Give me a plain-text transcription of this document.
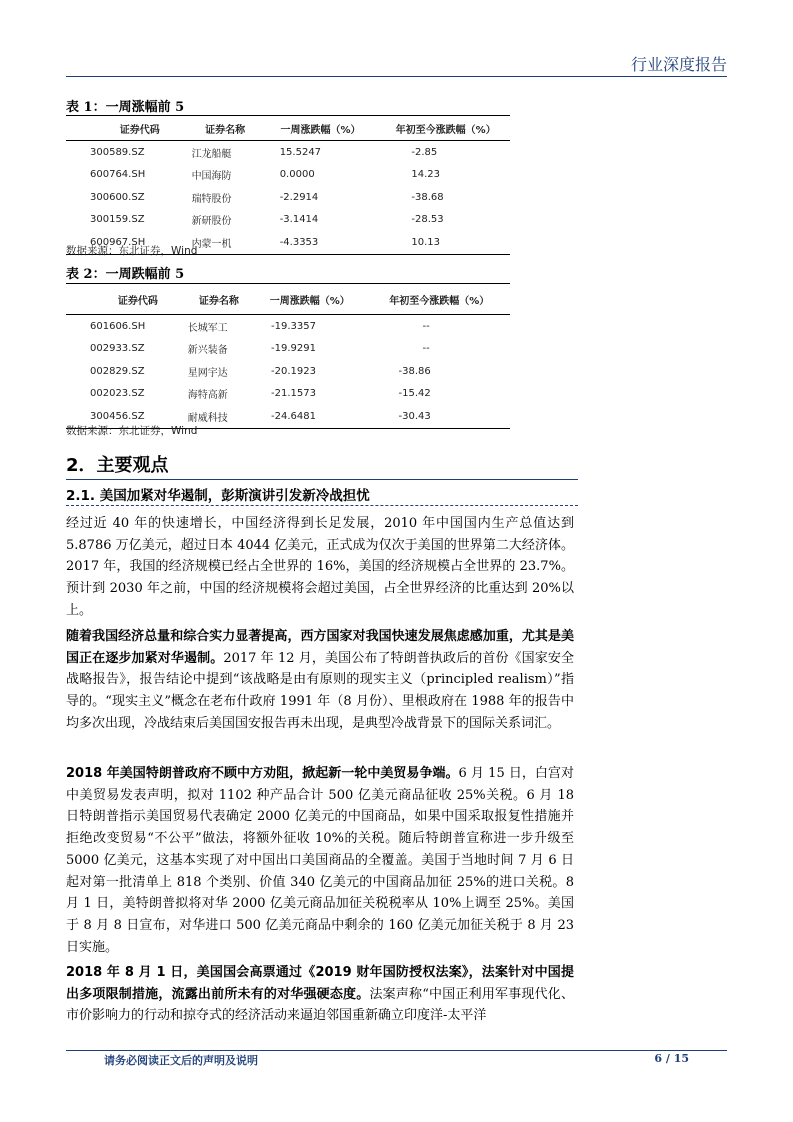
行业深度报告
表 1：一周涨幅前 5
证券代码	证券名称	一周涨跌幅（%）	年初至今涨跌幅（%）
300589.SZ	江龙船艇	15.5247	-2.85
600764.SH	中国海防	0.0000	14.23
300600.SZ	瑞特股份	-2.2914	-38.68
300159.SZ	新研股份	-3.1414	-28.53
600967.SH	内蒙一机	-4.3353	10.13
数据来源：东北证券，Wind
表 2：一周跌幅前 5
证券代码	证券名称	一周涨跌幅（%）	年初至今涨跌幅（%）
601606.SH	长城军工	-19.3357	--
002933.SZ	新兴装备	-19.9291	--
002829.SZ	星网宇达	-20.1923	-38.86
002023.SZ	海特高新	-21.1573	-15.42
300456.SZ	耐威科技	-24.6481	-30.43
数据来源：东北证券，Wind
2．主要观点
2.1. 美国加紧对华遏制，彭斯演讲引发新冷战担忧

经过近 40 年的快速增长，中国经济得到长足发展，2010 年中国国内生产总值达到 5.8786 万亿美元，超过日本 4044 亿美元，正式成为仅次于美国的世界第二大经济体。2017 年，我国的经济规模已经占全世界的 16%，美国的经济规模占全世界的 23.7%。预计到 2030 年之前，中国的经济规模将会超过美国，占全世界经济的比重达到 20%以上。

随着我国经济总量和综合实力显著提高，西方国家对我国快速发展焦虑感加重，尤其是美国正在逐步加紧对华遏制。2017 年 12 月，美国公布了特朗普执政后的首份《国家安全战略报告》，报告结论中提到“该战略是由有原则的现实主义（principled realism）”指导的。“现实主义”概念在老布什政府 1991 年（8 月份）、里根政府在 1988 年的报告中均多次出现，冷战结束后美国国安报告再未出现，是典型冷战背景下的国际关系词汇。

2018 年美国特朗普政府不顾中方劝阻，掀起新一轮中美贸易争端。6 月 15 日，白宫对中美贸易发表声明，拟对 1102 种产品合计 500 亿美元商品征收 25%关税。6 月 18 日特朗普指示美国贸易代表确定 2000 亿美元的中国商品，如果中国采取报复性措施并拒绝改变贸易“不公平”做法，将额外征收 10%的关税。随后特朗普宣称进一步升级至 5000 亿美元，这基本实现了对中国出口美国商品的全覆盖。美国于当地时间 7 月 6 日起对第一批清单上 818 个类别、价值 340 亿美元的中国商品加征 25%的进口关税。8 月 1 日，美特朗普拟将对华 2000 亿美元商品加征关税税率从 10%上调至 25%。美国于 8 月 8 日宣布，对华进口 500 亿美元商品中剩余的 160 亿美元加征关税于 8 月 23 日实施。

2018 年 8 月 1 日，美国国会高票通过《2019 财年国防授权法案》，法案针对中国提出多项限制措施，流露出前所未有的对华强硬态度。法案声称“中国正利用军事现代化、市价影响力的行动和掠夺式的经济活动来逼迫邻国重新确立印度洋-太平洋

请务必阅读正文后的声明及说明	6 / 15
